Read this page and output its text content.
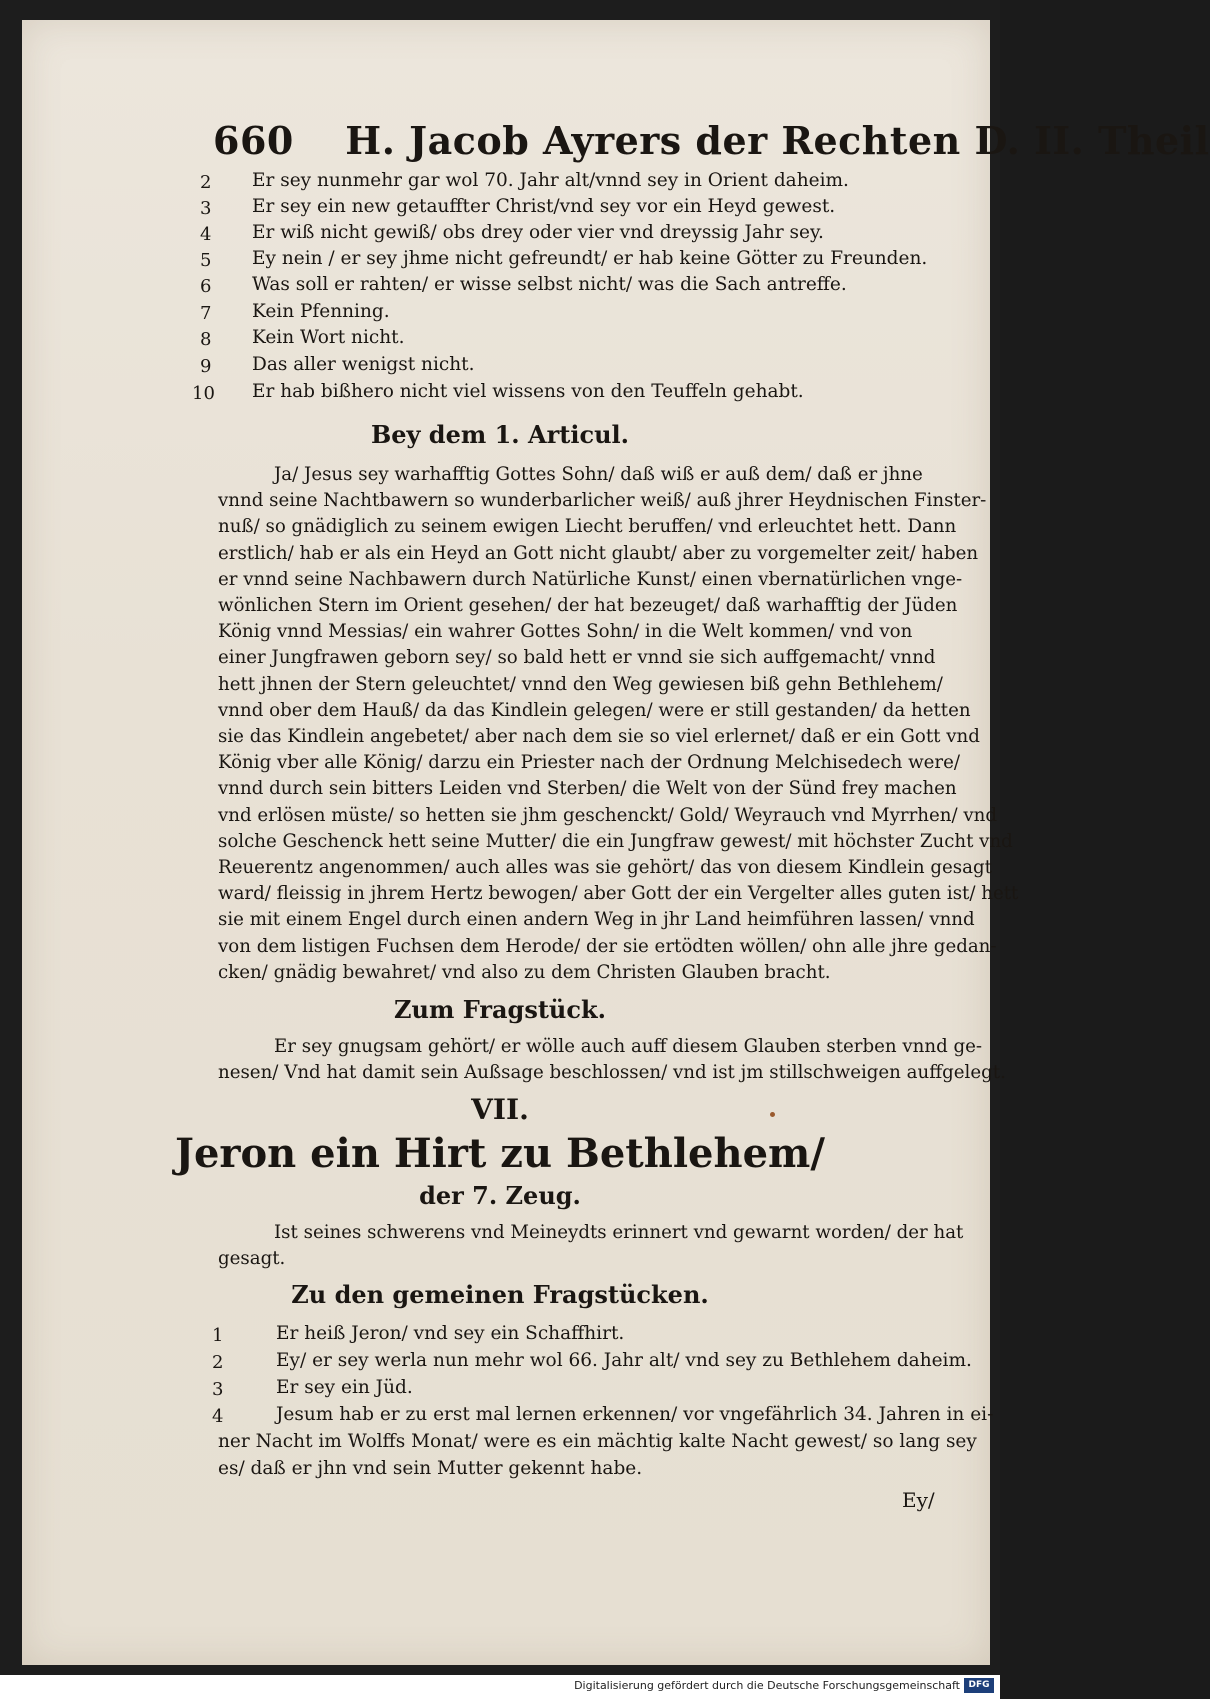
660 H. Jacob Ayrers der Rechten D. II. Theil
2 Er sey nunmehr gar wol 70. Jahr alt/vnnd sey in Orient daheim.
3 Er sey ein new getauffter Christ/vnd sey vor ein Heyd gewest.
4 Er wiß nicht gewiß/ obs drey oder vier vnd dreyssig Jahr sey.
5 Ey nein / er sey jhme nicht gefreundt/ er hab keine Götter zu Freunden.
6 Was soll er rahten/ er wisse selbst nicht/ was die Sach antreffe.
7 Kein Pfenning.
8 Kein Wort nicht.
9 Das aller wenigst nicht.
10 Er hab bißhero nicht viel wissens von den Teuffeln gehabt.
Bey dem 1. Articul.
Ja/ Jesus sey warhafftig Gottes Sohn/ daß wiß er auß dem/ daß er jhne
vnnd seine Nachtbawern so wunderbarlicher weiß/ auß jhrer Heydnischen Finster-
nuß/ so gnädiglich zu seinem ewigen Liecht beruffen/ vnd erleuchtet hett. Dann
erstlich/ hab er als ein Heyd an Gott nicht glaubt/ aber zu vorgemelter zeit/ haben
er vnnd seine Nachbawern durch Natürliche Kunst/ einen vbernatürlichen vnge-
wönlichen Stern im Orient gesehen/ der hat bezeuget/ daß warhafftig der Jüden
König vnnd Messias/ ein wahrer Gottes Sohn/ in die Welt kommen/ vnd von
einer Jungfrawen geborn sey/ so bald hett er vnnd sie sich auffgemacht/ vnnd
hett jhnen der Stern geleuchtet/ vnnd den Weg gewiesen biß gehn Bethlehem/
vnnd ober dem Hauß/ da das Kindlein gelegen/ were er still gestanden/ da hetten
sie das Kindlein angebetet/ aber nach dem sie so viel erlernet/ daß er ein Gott vnd
König vber alle König/ darzu ein Priester nach der Ordnung Melchisedech were/
vnnd durch sein bitters Leiden vnd Sterben/ die Welt von der Sünd frey machen
vnd erlösen müste/ so hetten sie jhm geschenckt/ Gold/ Weyrauch vnd Myrrhen/ vnd
solche Geschenck hett seine Mutter/ die ein Jungfraw gewest/ mit höchster Zucht vnd
Reuerentz angenommen/ auch alles was sie gehört/ das von diesem Kindlein gesagt
ward/ fleissig in jhrem Hertz bewogen/ aber Gott der ein Vergelter alles guten ist/ hett
sie mit einem Engel durch einen andern Weg in jhr Land heimführen lassen/ vnnd
von dem listigen Fuchsen dem Herode/ der sie ertödten wöllen/ ohn alle jhre gedan-
cken/ gnädig bewahret/ vnd also zu dem Christen Glauben bracht.
Zum Fragstück.
Er sey gnugsam gehört/ er wölle auch auff diesem Glauben sterben vnnd ge-
nesen/ Vnd hat damit sein Außsage beschlossen/ vnd ist jm stillschweigen auffgelegt.
VII.
Jeron ein Hirt zu Bethlehem/
der 7. Zeug.
Ist seines schwerens vnd Meineydts erinnert vnd gewarnt worden/ der hat
gesagt.
Zu den gemeinen Fragstücken.
1	Er heiß Jeron/ vnd sey ein Schaffhirt.
2	Ey/ er sey werla nun mehr wol 66. Jahr alt/ vnd sey zu Bethlehem daheim.
3	Er sey ein Jüd.
4	Jesum hab er zu erst mal lernen erkennen/ vor vngefährlich 34. Jahren in ei-
ner Nacht im Wolffs Monat/ were es ein mächtig kalte Nacht gewest/ so lang sey
es/ daß er jhn vnd sein Mutter gekennt habe.
Ey/
Digitalisierung gefördert durch die Deutsche Forschungsgemeinschaft DFG
